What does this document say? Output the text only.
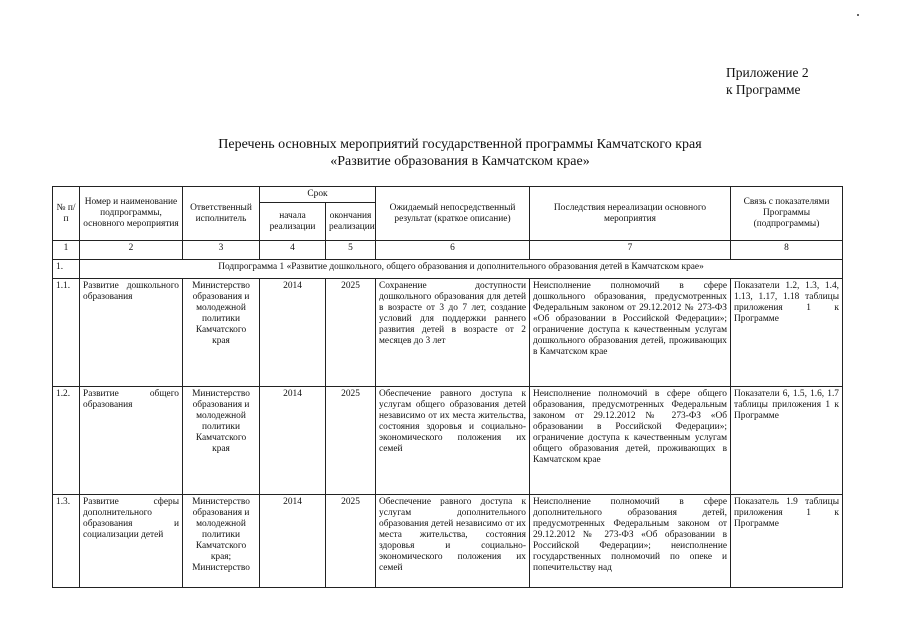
Приложение 2
к Программе
Перечень основных мероприятий государственной программы Камчатского края
«Развитие образования в Камчатском крае»
№ п/п	Номер и наименование подпрограммы, основного мероприятия	Ответственный исполнитель	Срок		Ожидаемый непосредственный результат (краткое описание)	Последствия нереализации основного мероприятия	Связь с показателями Программы (подпрограммы)
			начала реализации	окончания реализации			
1	2	3	4	5	6	7	8
1.	Подпрограмма 1 «Развитие дошкольного, общего образования и дополнительного образования детей в Камчатском крае»						
1.1.	Развитие дошкольного образования	Министерство образования и молодежной политики Камчатского края	2014	2025	Сохранение доступности дошкольного образования для детей в возрасте от 3 до 7 лет, создание условий для поддержки раннего развития детей в возрасте от 2 месяцев до 3 лет	Неисполнение полномочий в сфере дошкольного образования, предусмотренных Федеральным законом от 29.12.2012 № 273-ФЗ «Об образовании в Российской Федерации»; ограничение доступа к качественным услугам дошкольного образования детей, проживающих в Камчатском крае	Показатели 1.2, 1.3, 1.4, 1.13, 1.17, 1.18 таблицы приложения 1 к Программе
1.2.	Развитие общего образования	Министерство образования и молодежной политики Камчатского края	2014	2025	Обеспечение равного доступа к услугам общего образования детей независимо от их места жительства, состояния здоровья и социально-экономического положения их семей	Неисполнение полномочий в сфере общего образования, предусмотренных Федеральным законом от 29.12.2012 № 273-ФЗ «Об образовании в Российской Федерации»; ограничение доступа к качественным услугам общего образования детей, проживающих в Камчатском крае	Показатели 6, 1.5, 1.6, 1.7 таблицы приложения 1 к Программе
1.3.	Развитие сферы дополнительного образования и социализации детей	Министерство образования и молодежной политики Камчатского края; Министерство	2014	2025	Обеспечение равного доступа к услугам дополнительного образования детей независимо от их места жительства, состояния здоровья и социально-экономического положения их семей	Неисполнение полномочий в сфере дополнительного образования детей, предусмотренных Федеральным законом от 29.12.2012 № 273-ФЗ «Об образовании в Российской Федерации»; неисполнение государственных полномочий по опеке и попечительству над	Показатель 1.9 таблицы приложения 1 к Программе
